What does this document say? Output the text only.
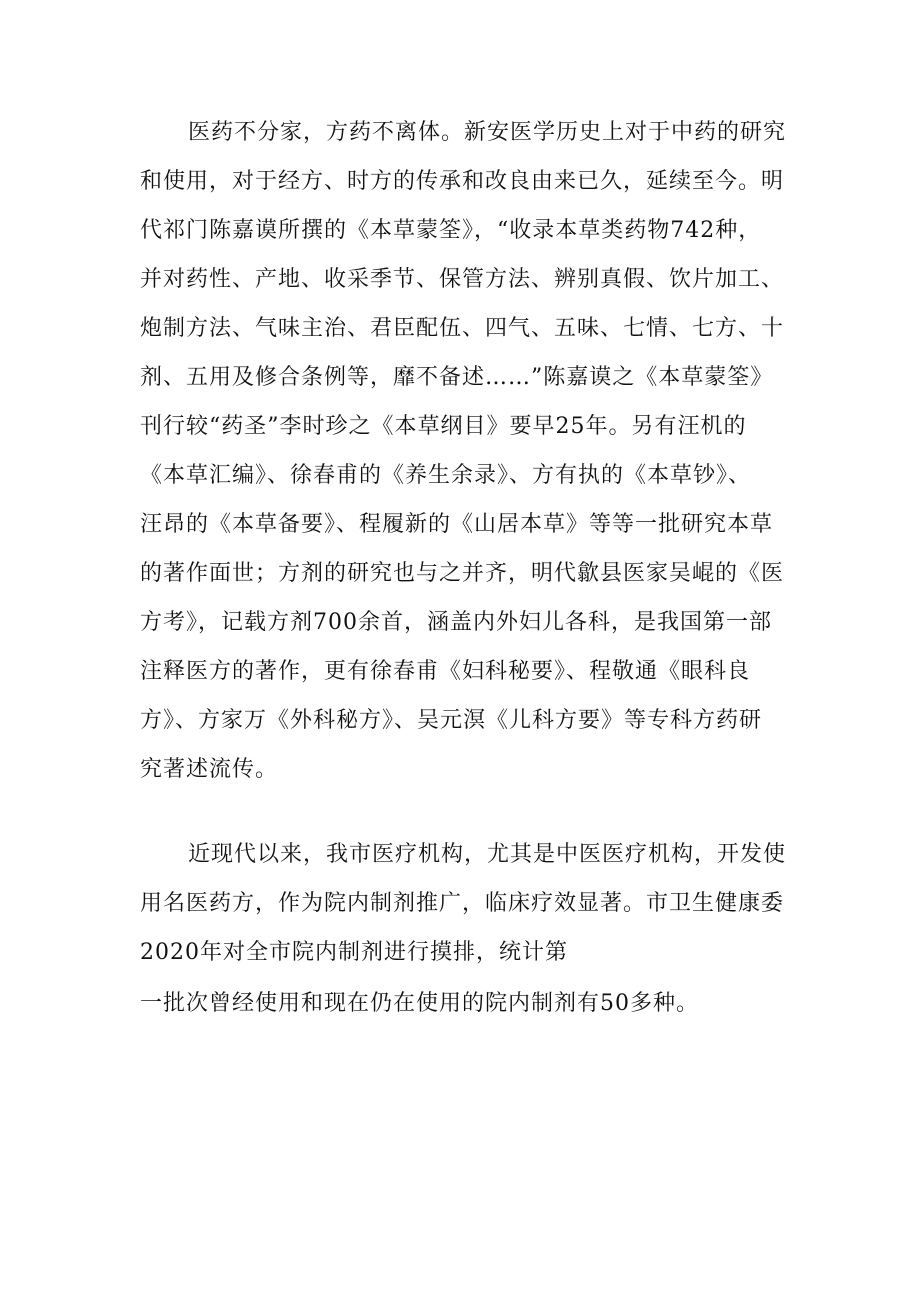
医药不分家，方药不离体。新安医学历史上对于中药的研究
和使用，对于经方、时方的传承和改良由来已久，延续至今。明
代祁门陈嘉谟所撰的《本草蒙筌》，“收录本草类药物742种，
并对药性、产地、收采季节、保管方法、辨别真假、饮片加工、
炮制方法、气味主治、君臣配伍、四气、五味、七情、七方、十
剂、五用及修合条例等，靡不备述……”陈嘉谟之《本草蒙筌》
刊行较“药圣”李时珍之《本草纲目》要早25年。另有汪机的
《本草汇编》、徐春甫的《养生余录》、方有执的《本草钞》、
汪昂的《本草备要》、程履新的《山居本草》等等一批研究本草
的著作面世；方剂的研究也与之并齐，明代歙县医家吴崐的《医
方考》，记载方剂700余首，涵盖内外妇儿各科，是我国第一部
注释医方的著作，更有徐春甫《妇科秘要》、程敬通《眼科良
方》、方家万《外科秘方》、吴元溟《儿科方要》等专科方药研
究著述流传。
近现代以来，我市医疗机构，尤其是中医医疗机构，开发使
用名医药方，作为院内制剂推广，临床疗效显著。市卫生健康委
2020年对全市院内制剂进行摸排，统计第
一批次曾经使用和现在仍在使用的院内制剂有50多种。
